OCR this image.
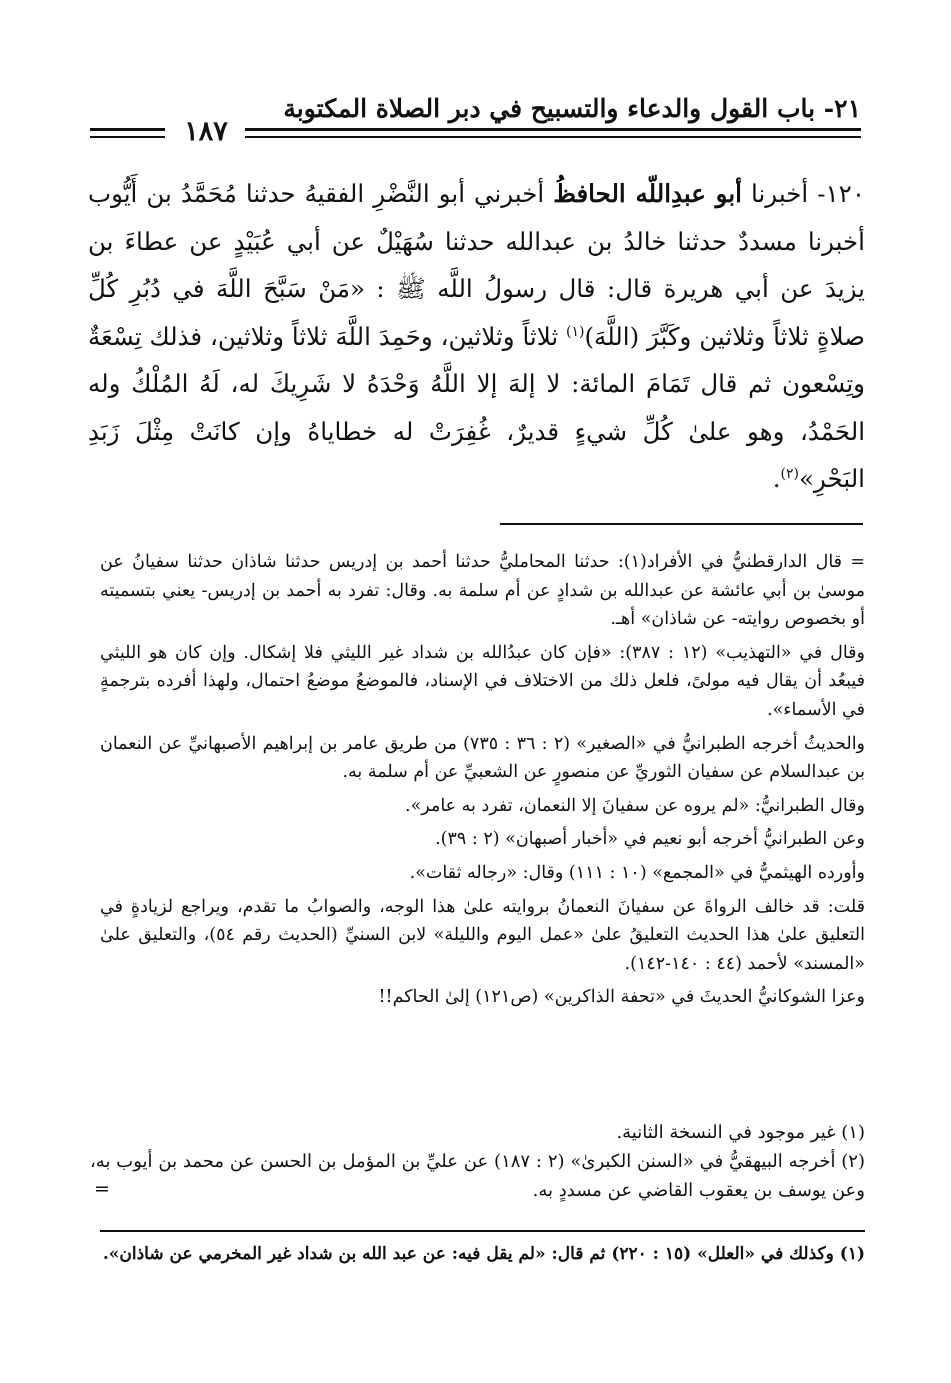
٢١- باب القول والدعاء والتسبيح في دبر الصلاة المكتوبة
١٨٧
١٢٠- أخبرنا أبو عبدِاللّه الحافظُ أخبرني أبو النَّضْرِ الفقيهُ حدثنا مُحَمَّدُ بن أَيُّوب أخبرنا مسددٌ حدثنا خالدُ بن عبدالله حدثنا سُهَيْلٌ عن أبي عُبَيْدٍ عن عطاءَ بن يزيدَ عن أبي هريرة قال: قال رسولُ اللَّه ﷺ : «مَنْ سَبَّحَ اللَّهَ في دُبُرِ كُلِّ صلاةٍ ثلاثاً وثلاثين وكَبَّرَ (اللَّهَ)$^{(١)}$ ثلاثاً وثلاثين، وحَمِدَ اللَّهَ ثلاثاً وثلاثين، فذلك تِسْعَةٌ وتِسْعون ثم قال تَمَامَ المائة: لا إلهَ إلا اللَّهُ وَحْدَهُ لا شَرِيكَ له، لَهُ المُلْكُ وله الحَمْدُ، وهو علىٰ كُلِّ شيءٍ قديرٌ، غُفِرَتْ له خطاياهُ وإن كانَتْ مِثْلَ زَبَدِ البَحْرِ»$^{(٢)}$.

= قال الدارقطنيُّ في الأفراد(١): حدثنا المحامليُّ حدثنا أحمد بن إدريس حدثنا شاذان حدثنا سفيانُ عن موسىٰ بن أبي عائشة عن عبدالله بن شدادٍ عن أم سلمة به. وقال: تفرد به أحمد بن إدريس- يعني بتسميته أو بخصوص روايته- عن شاذان» أهـ.

وقال في «التهذيب» (١٢ : ٣٨٧): «فإن كان عبدُالله بن شداد غير الليثي فلا إشكال. وإن كان هو الليثي فيبعُد أن يقال فيه مولىً، فلعل ذلك من الاختلاف في الإسناد، فالموضعُ موضعُ احتمال، ولهذا أفرده بترجمةٍ في الأسماء».

والحديثُ أخرجه الطبرانيُّ في «الصغير» (٢ : ٣٦ : ٧٣٥) من طريق عامر بن إبراهيم الأصبهانيِّ عن النعمان بن عبدالسلام عن سفيان الثوريِّ عن منصورٍ عن الشعبيِّ عن أم سلمة به.

وقال الطبرانيُّ: «لم يروه عن سفيانَ إلا النعمان، تفرد به عامر».

وعن الطبرانيُّ أخرجه أبو نعيم في «أخبار أصبهان» (٢ : ٣٩).

وأورده الهيثميُّ في «المجمع» (١٠ : ١١١) وقال: «رجاله ثقات».

قلت: قد خالف الرواةَ عن سفيانَ النعمانُ بروايته علىٰ هذا الوجه، والصوابُ ما تقدم، ويراجع لزيادةٍ في التعليق علىٰ هذا الحديث التعليقُ علىٰ «عمل اليوم والليلة» لابن السنيِّ (الحديث رقم ٥٤)، والتعليق علىٰ «المسند» لأحمد (٤٤ : ١٤٠-١٤٢).

وعزا الشوكانيُّ الحديثَ في «تحفة الذاكرين» (ص١٢١) إلىٰ الحاكم!!

(١) غير موجود في النسخة الثانية.

(٢) أخرجه البيهقيُّ في «السنن الكبرىٰ» (٢ : ١٨٧) عن عليِّ بن المؤمل بن الحسن عن محمد بن أيوب به، وعن يوسف بن يعقوب القاضي عن مسددٍ به.

=
(١) وكذلك في «العلل» (١٥ : ٢٢٠) ثم قال: «لم يقل فيه: عن عبد الله بن شداد غير المخرمي عن شاذان».
